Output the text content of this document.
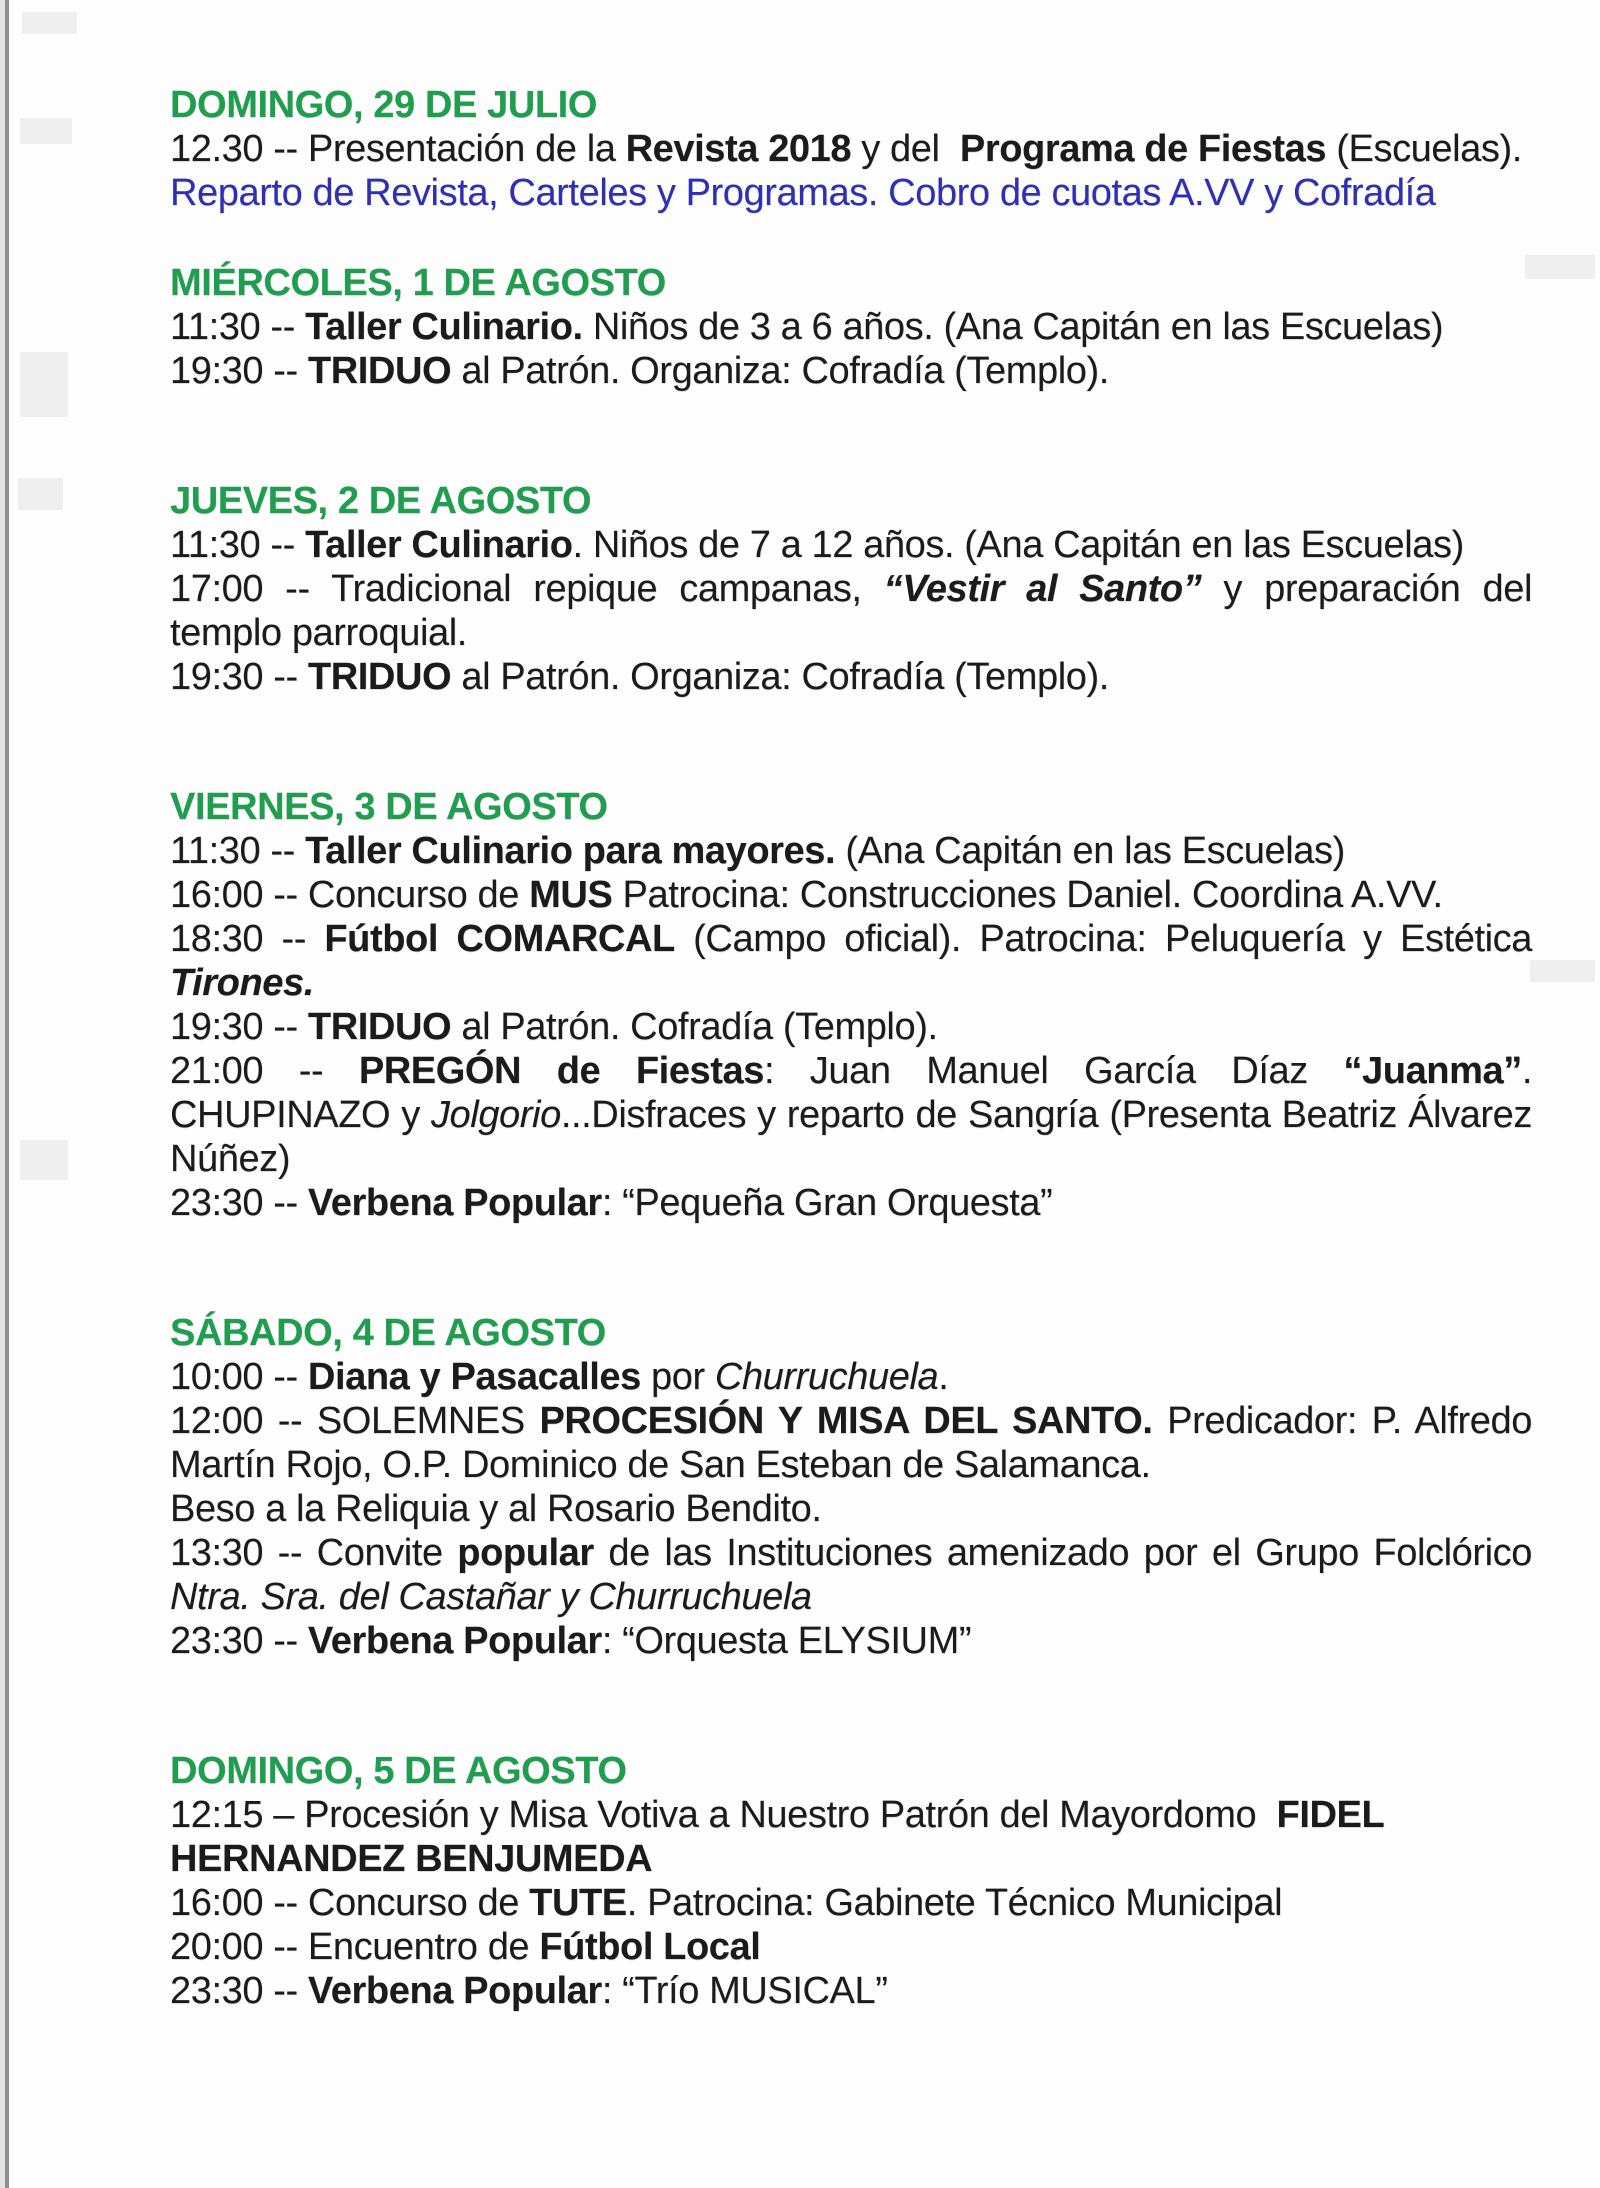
DOMINGO, 29 DE JULIO
12.30 -- Presentación de la Revista 2018 y del  Programa de Fiestas (Escuelas).
Reparto de Revista, Carteles y Programas. Cobro de cuotas A.VV y Cofradía
MIÉRCOLES, 1 DE AGOSTO
11:30 -- Taller Culinario. Niños de 3 a 6 años. (Ana Capitán en las Escuelas)
19:30 -- TRIDUO al Patrón. Organiza: Cofradía (Templo).
JUEVES, 2 DE AGOSTO
11:30 -- Taller Culinario. Niños de 7 a 12 años. (Ana Capitán en las Escuelas)
17:00 -- Tradicional repique campanas, “Vestir al Santo” y preparación del
templo parroquial.
19:30 -- TRIDUO al Patrón. Organiza: Cofradía (Templo).
VIERNES, 3 DE AGOSTO
11:30 -- Taller Culinario para mayores. (Ana Capitán en las Escuelas)
16:00 -- Concurso de MUS Patrocina: Construcciones Daniel. Coordina A.VV.
18:30 -- Fútbol COMARCAL (Campo oficial). Patrocina: Peluquería y Estética
Tirones.
19:30 -- TRIDUO al Patrón. Cofradía (Templo).
21:00 -- PREGÓN de Fiestas: Juan Manuel García Díaz “Juanma”.
CHUPINAZO y Jolgorio...Disfraces y reparto de Sangría (Presenta Beatriz Álvarez
Núñez)
23:30 -- Verbena Popular: “Pequeña Gran Orquesta”
SÁBADO, 4 DE AGOSTO
10:00 -- Diana y Pasacalles por Churruchuela.
12:00 -- SOLEMNES PROCESIÓN Y MISA DEL SANTO. Predicador: P. Alfredo
Martín Rojo, O.P. Dominico de San Esteban de Salamanca.
Beso a la Reliquia y al Rosario Bendito.
13:30 -- Convite popular de las Instituciones amenizado por el Grupo Folclórico
Ntra. Sra. del Castañar y Churruchuela
23:30 -- Verbena Popular: “Orquesta ELYSIUM”
DOMINGO, 5 DE AGOSTO
12:15 – Procesión y Misa Votiva a Nuestro Patrón del Mayordomo  FIDEL
HERNANDEZ BENJUMEDA
16:00 -- Concurso de TUTE. Patrocina: Gabinete Técnico Municipal
20:00 -- Encuentro de Fútbol Local
23:30 -- Verbena Popular: “Trío MUSICAL”
